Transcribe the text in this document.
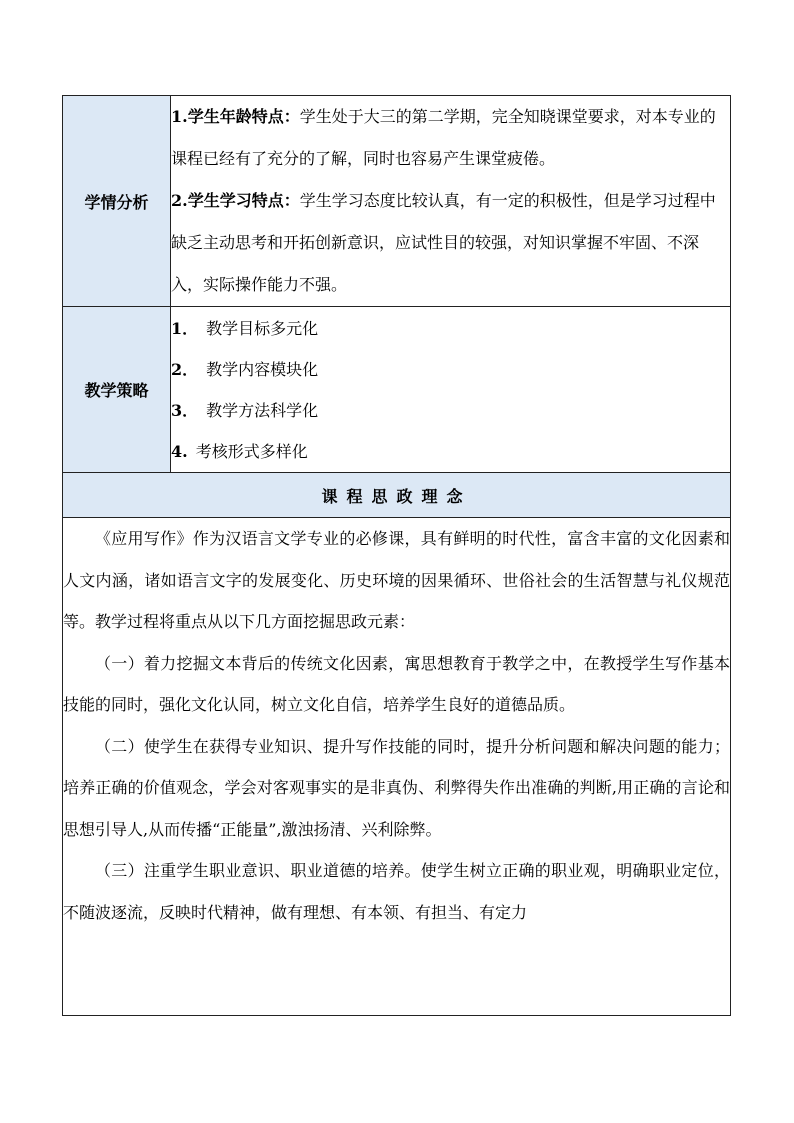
学情分析	1.学生年龄特点：学生处于大三的第二学期，完全知晓课堂要求，对本专业的课程已经有了充分的了解，同时也容易产生课堂疲倦。

2.学生学习特点：学生学习态度比较认真，有一定的积极性，但是学习过程中缺乏主动思考和开拓创新意识，应试性目的较强，对知识掌握不牢固、不深入，实际操作能力不强。

教学策略	1． 教学目标多元化
2． 教学内容模块化
3． 教学方法科学化
4. 考核形式多样化

课程思政理念	

《应用写作》作为汉语言文学专业的必修课，具有鲜明的时代性，富含丰富的文化因素和人文内涵，诸如语言文字的发展变化、历史环境的因果循环、世俗社会的生活智慧与礼仪规范等。教学过程将重点从以下几方面挖掘思政元素：

（一）着力挖掘文本背后的传统文化因素，寓思想教育于教学之中，在教授学生写作基本技能的同时，强化文化认同，树立文化自信，培养学生良好的道德品质。

（二）使学生在获得专业知识、提升写作技能的同时，提升分析问题和解决问题的能力；培养正确的价值观念，学会对客观事实的是非真伪、利弊得失作出准确的判断,用正确的言论和思想引导人,从而传播“正能量”,激浊扬清、兴利除弊。

（三）注重学生职业意识、职业道德的培养。使学生树立正确的职业观，明确职业定位，不随波逐流，反映时代精神，做有理想、有本领、有担当、有定力	
